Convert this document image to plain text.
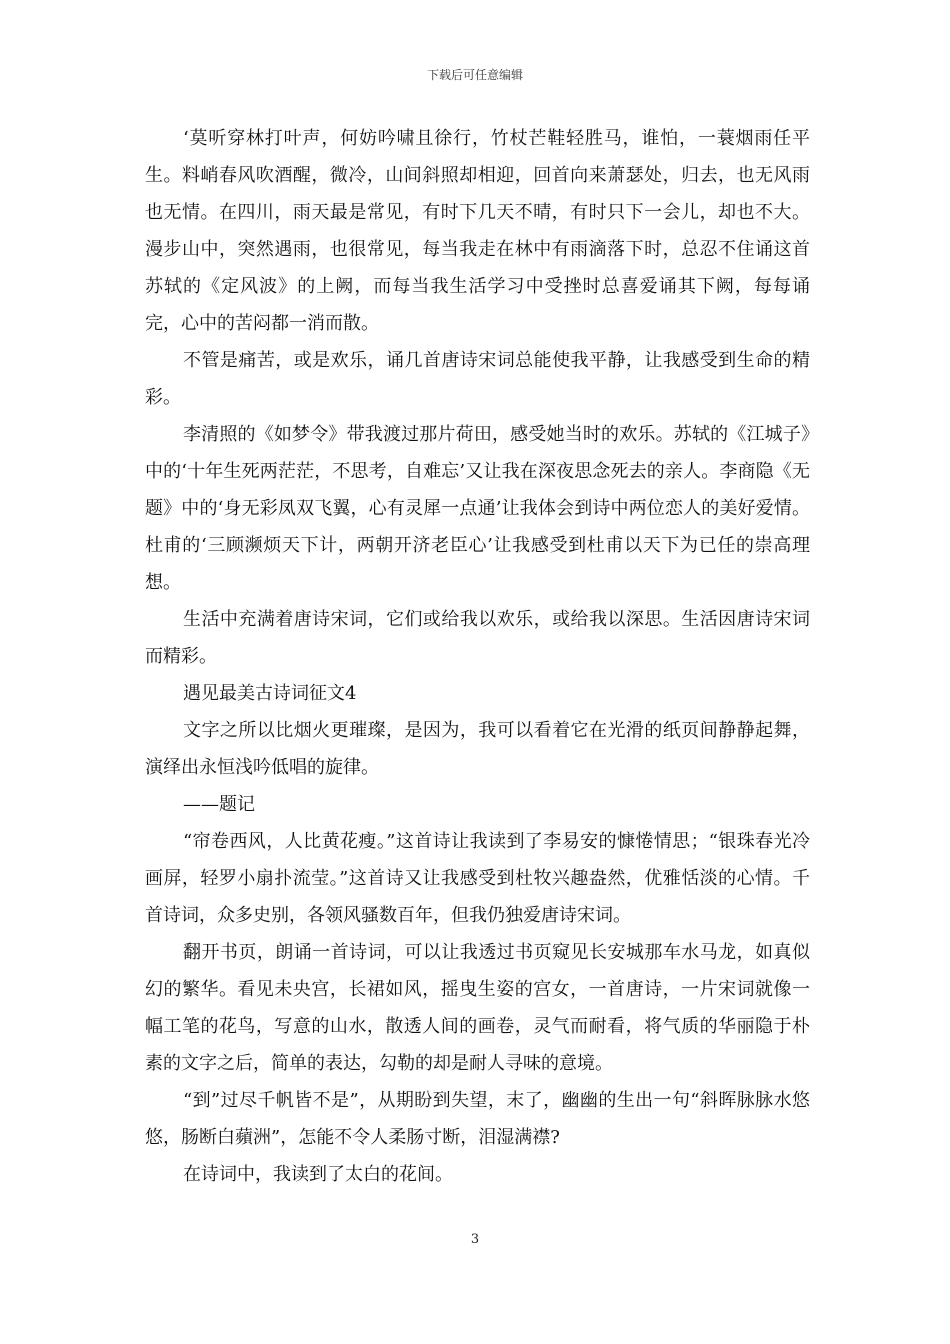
下载后可任意编辑

‘莫听穿林打叶声，何妨吟啸且徐行，竹杖芒鞋轻胜马，谁怕，一蓑烟雨任平生。料峭春风吹酒醒，微冷，山间斜照却相迎，回首向来萧瑟处，归去，也无风雨也无情。在四川，雨天最是常见，有时下几天不晴，有时只下一会儿，却也不大。漫步山中，突然遇雨，也很常见，每当我走在林中有雨滴落下时，总忍不住诵这首苏轼的《定风波》的上阙，而每当我生活学习中受挫时总喜爱诵其下阙，每每诵完，心中的苦闷都一消而散。

不管是痛苦，或是欢乐，诵几首唐诗宋词总能使我平静，让我感受到生命的精彩。

李清照的《如梦令》带我渡过那片荷田，感受她当时的欢乐。苏轼的《江城子》中的‘十年生死两茫茫，不思考，自难忘’又让我在深夜思念死去的亲人。李商隐《无题》中的‘身无彩凤双飞翼，心有灵犀一点通’让我体会到诗中两位恋人的美好爱情。杜甫的‘三顾濒烦天下计，两朝开济老臣心’让我感受到杜甫以天下为已任的崇高理想。

生活中充满着唐诗宋词，它们或给我以欢乐，或给我以深思。生活因唐诗宋词而精彩。

遇见最美古诗词征文4

文字之所以比烟火更璀璨，是因为，我可以看着它在光滑的纸页间静静起舞，演绎出永恒浅吟低唱的旋律。

——题记

“帘卷西风，人比黄花瘦。”这首诗让我读到了李易安的慷惓情思；“银珠春光冷画屏，轻罗小扇扑流莹。”这首诗又让我感受到杜牧兴趣盎然，优雅恬淡的心情。千首诗词，众多史别，各领风骚数百年，但我仍独爱唐诗宋词。

翻开书页，朗诵一首诗词，可以让我透过书页窥见长安城那车水马龙，如真似幻的繁华。看见未央宫，长裙如风，摇曳生姿的宫女，一首唐诗，一片宋词就像一幅工笔的花鸟，写意的山水，散透人间的画卷，灵气而耐看，将气质的华丽隐于朴素的文字之后，简单的表达，勾勒的却是耐人寻味的意境。

“到”过尽千帆皆不是”，从期盼到失望，末了，幽幽的生出一句“斜晖脉脉水悠悠，肠断白蘋洲”，怎能不令人柔肠寸断，泪湿满襟?

在诗词中，我读到了太白的花间。

3
